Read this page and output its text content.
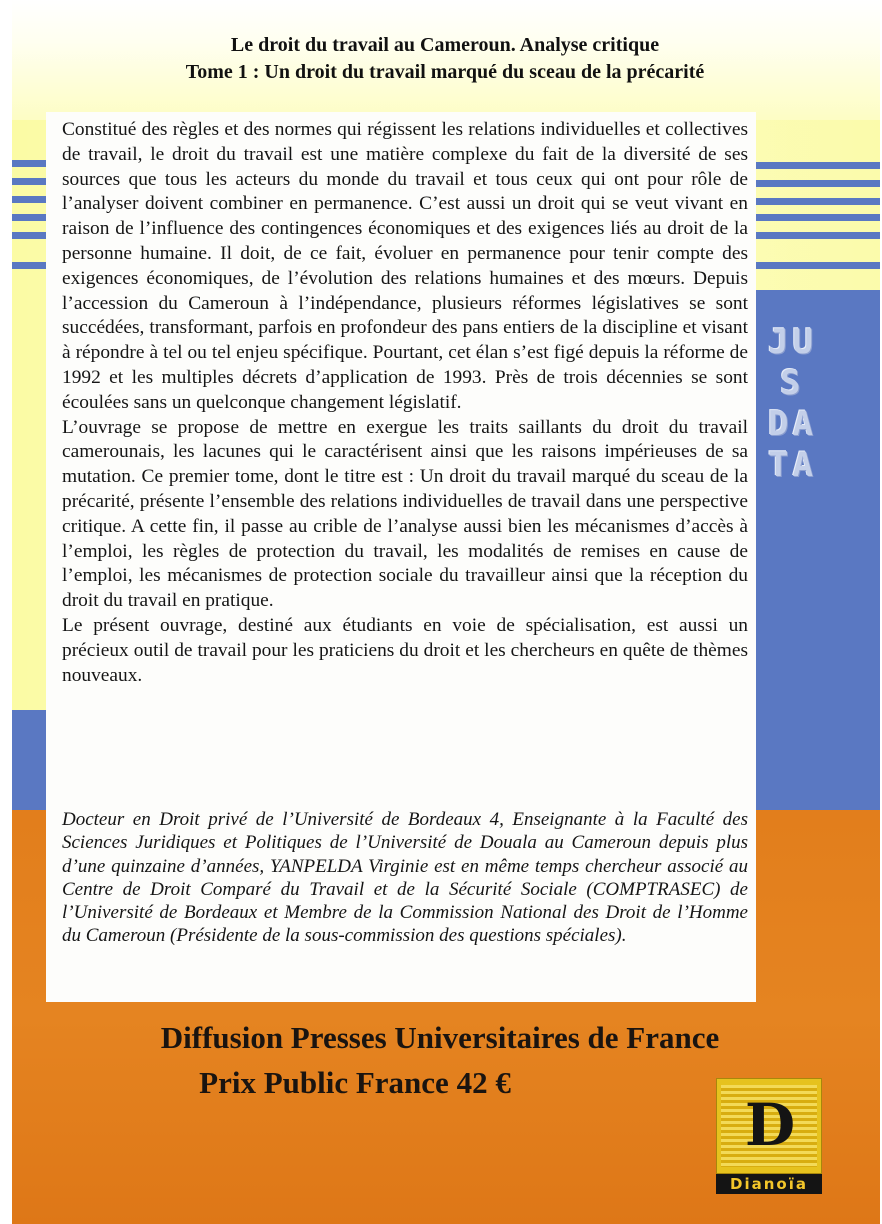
JU
S
DA
TA
Le droit du travail au Cameroun. Analyse critique
Tome 1 : Un droit du travail marqué du sceau de la précarité

Constitué des règles et des normes qui régissent les relations individuelles et collectives de travail, le droit du travail est une matière complexe du fait de la diversité de ses sources que tous les acteurs du monde du travail et tous ceux qui ont pour rôle de l’analyser doivent combiner en permanence. C’est aussi un droit qui se veut vivant en raison de l’influence des contingences économiques et des exigences liés au droit de la personne humaine. Il doit, de ce fait, évoluer en permanence pour tenir compte des exigences économiques, de l’évolution des relations humaines et des mœurs. Depuis l’accession du Cameroun à l’indépendance, plusieurs réformes législatives se sont succédées, transformant, parfois en profondeur des pans entiers de la discipline et visant à répondre à tel ou tel enjeu spécifique. Pourtant, cet élan s’est figé depuis la réforme de 1992 et les multiples décrets d’application de 1993. Près de trois décennies se sont écoulées sans un quelconque changement législatif.

L’ouvrage se propose de mettre en exergue les traits saillants du droit du travail camerounais, les lacunes qui le caractérisent ainsi que les raisons impérieuses de sa mutation. Ce premier tome, dont le titre est : Un droit du travail marqué du sceau de la précarité, présente l’ensemble des relations individuelles de travail dans une perspective critique. A cette fin, il passe au crible de l’analyse aussi bien les mécanismes d’accès à l’emploi, les règles de protection du travail, les modalités de remises en cause de l’emploi, les mécanismes de protection sociale du travailleur ainsi que la réception du droit du travail en pratique.

Le présent ouvrage, destiné aux étudiants en voie de spécialisation, est aussi un précieux outil de travail pour les praticiens du droit et les chercheurs en quête de thèmes nouveaux.

Docteur en Droit privé de l’Université de Bordeaux 4, Enseignante à la Faculté des Sciences Juridiques et Politiques de l’Université de Douala au Cameroun depuis plus d’une quinzaine d’années, YANPELDA Virginie est en même temps chercheur associé au Centre de Droit Comparé du Travail et de la Sécurité Sociale (COMPTRASEC) de l’Université de Bordeaux et Membre de la Commission National des Droit de l’Homme du Cameroun (Présidente de la sous-commission des questions spéciales).
Diffusion Presses Universitaires de France
Prix Public France 42 €
D
Dianoïa
